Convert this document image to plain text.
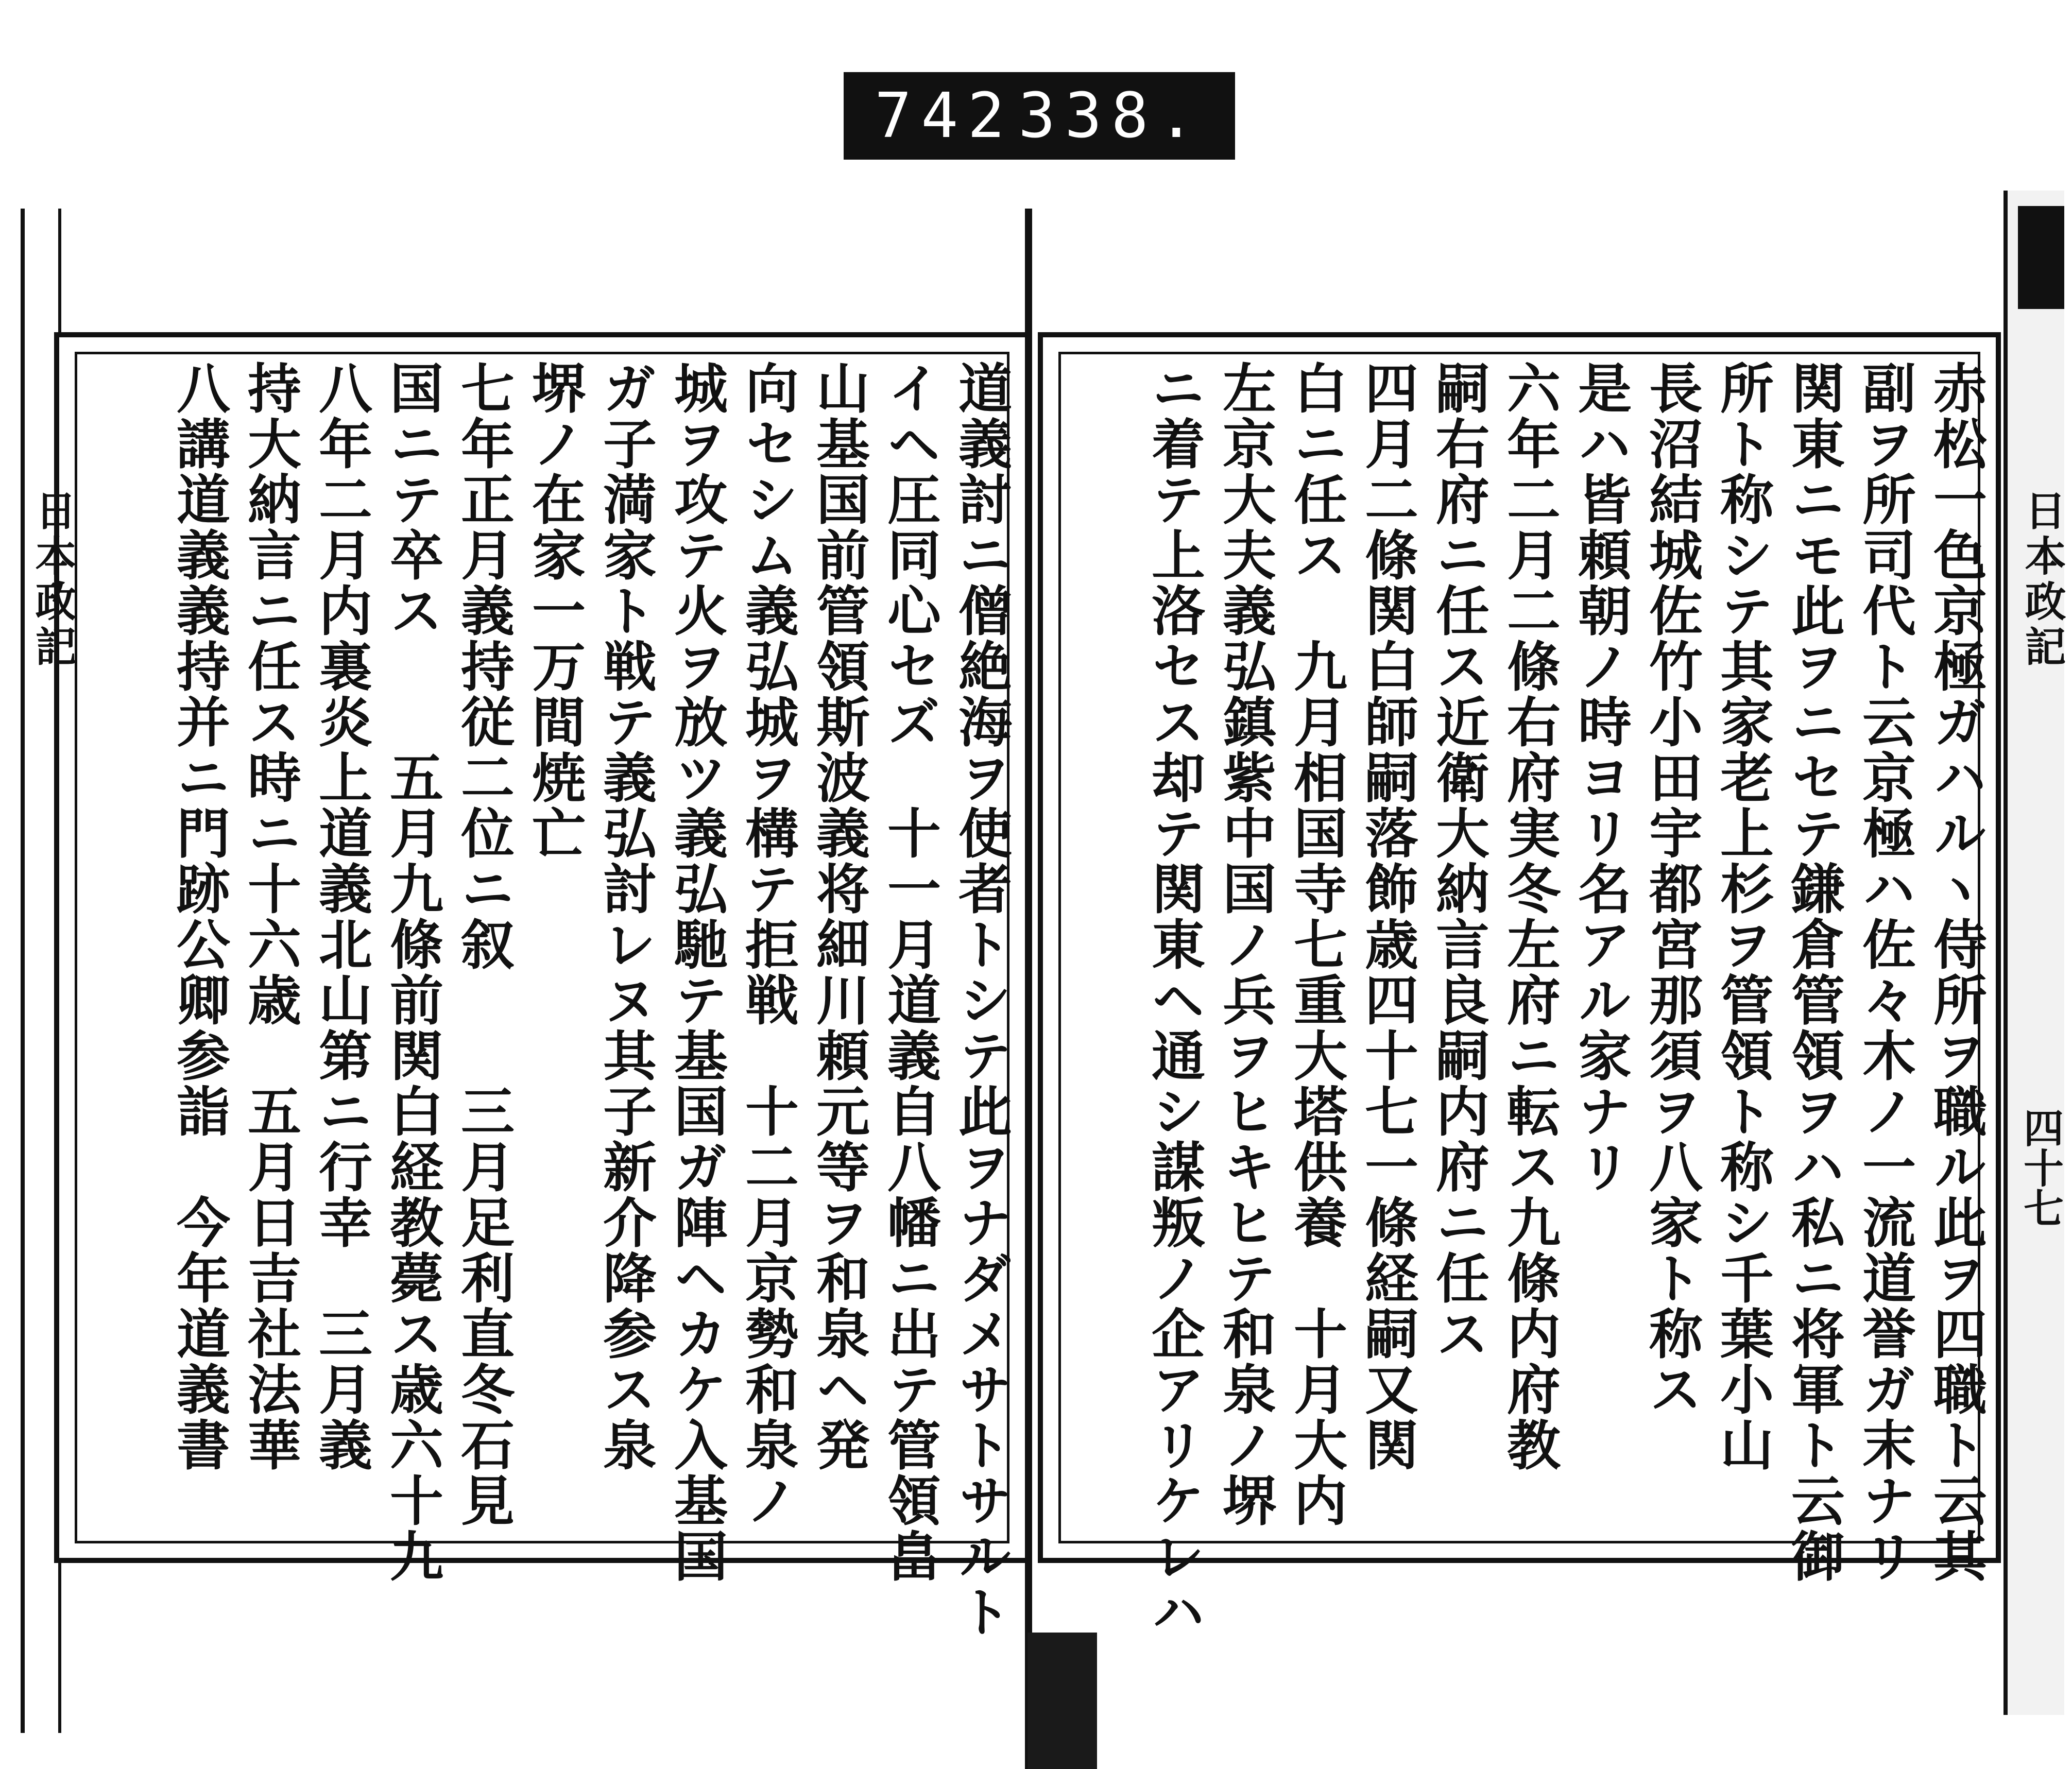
742 338.
日本政記	日本政記
四十七
赤松一色京極ガハルヽ侍所ヲ職ル此ヲ四職ト云其
副ヲ所司代ト云京極ハ佐々木ノ一流道誉ガ末ナリ
関東ニモ此ヲニセテ鎌倉管領ヲハ私ニ将軍ト云御
所ト称シテ其家老上杉ヲ管領ト称シ千葉小山
長沼結城佐竹小田宇都宮那須ヲ八家ト称ス
是ハ皆頼朝ノ時ヨリ名アル家ナリ
六年二月二條右府実冬左府ニ転ス九條内府教
嗣右府ニ任ス近衛大納言良嗣内府ニ任ス
四月二條関白師嗣落飾歳四十七一條経嗣又関
白ニ任ス　九月相国寺七重大塔供養　十月大内
左京大夫義弘鎮紫中国ノ兵ヲヒキヒテ和泉ノ堺
ニ着テ上洛セス却テ関東ヘ通シ謀叛ノ企アリケレハ
道義討ニ僧絶海ヲ使者トシテ此ヲナダメサトサルト
イヘ圧同心セズ　十一月道義自八幡ニ出テ管領畠
山基国前管領斯波義将細川頼元等ヲ和泉ヘ発
向セシム義弘城ヲ構テ拒戦　十二月京勢和泉ノ
城ヲ攻テ火ヲ放ツ義弘馳テ基国ガ陣ヘカケ入基国
ガ子満家ト戦テ義弘討レヌ其子新介降参ス泉
堺ノ在家一万間焼亡
七年正月義持従二位ニ叙　　三月足利直冬石見
国ニテ卒ス　　五月九條前関白経教薨ス歳六十九
八年二月内裏炎上道義北山第ニ行幸　三月義
持大納言ニ任ス時ニ十六歳　五月日吉社法華
八講道義義持并ニ門跡公卿参詣　今年道義書
